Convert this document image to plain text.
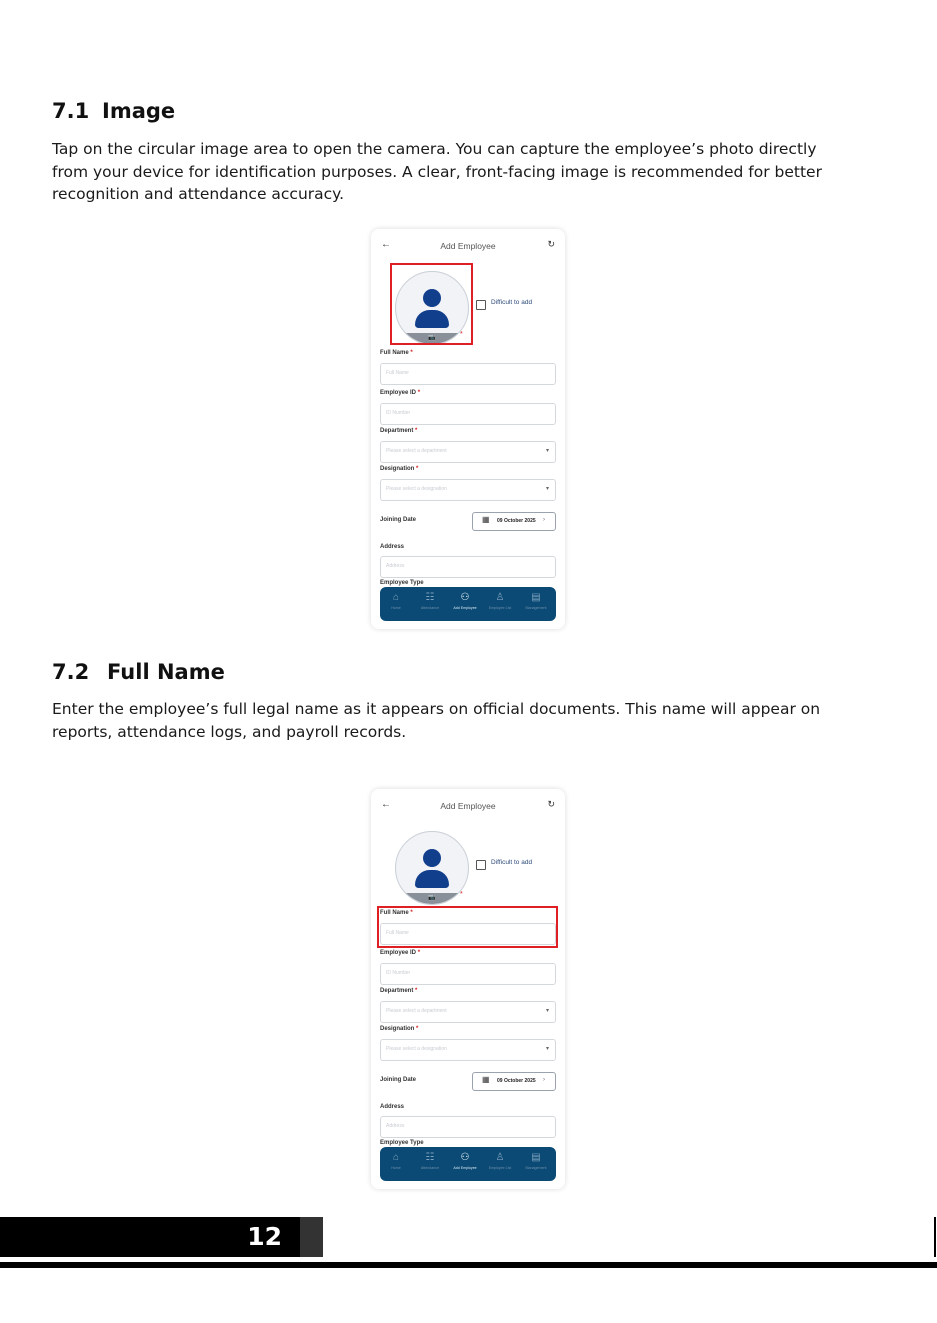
7.1 Image

Tap on the circular image area to open the camera. You can capture the employee’s photo directly from your device for identification purposes. A clear, front-facing image is recommended for better recognition and attendance accuracy.

←	Add Employee	↻
📷	*
Difficult to add
Full Name *
Full Name
Employee ID *
ID Number
Department *
Please select a department	▾
Designation *
Please select a designation	▾
Joining Date	▦ 09 October 2025 ›
Address
Address
Employee Type
⌂
Home
☷
Attendance
⚇
Add Employee
♙
Employee List
▤
Management
7.2 Full Name

Enter the employee’s full legal name as it appears on official documents. This name will appear on reports, attendance logs, and payroll records.

←	Add Employee	↻
📷	*
Difficult to add
Full Name *
Full Name
Employee ID *
ID Number
Department *
Please select a department	▾
Designation *
Please select a designation	▾
Joining Date	▦ 09 October 2025 ›
Address
Address
Employee Type
⌂
Home
☷
Attendance
⚇
Add Employee
♙
Employee List
▤
Management
12
